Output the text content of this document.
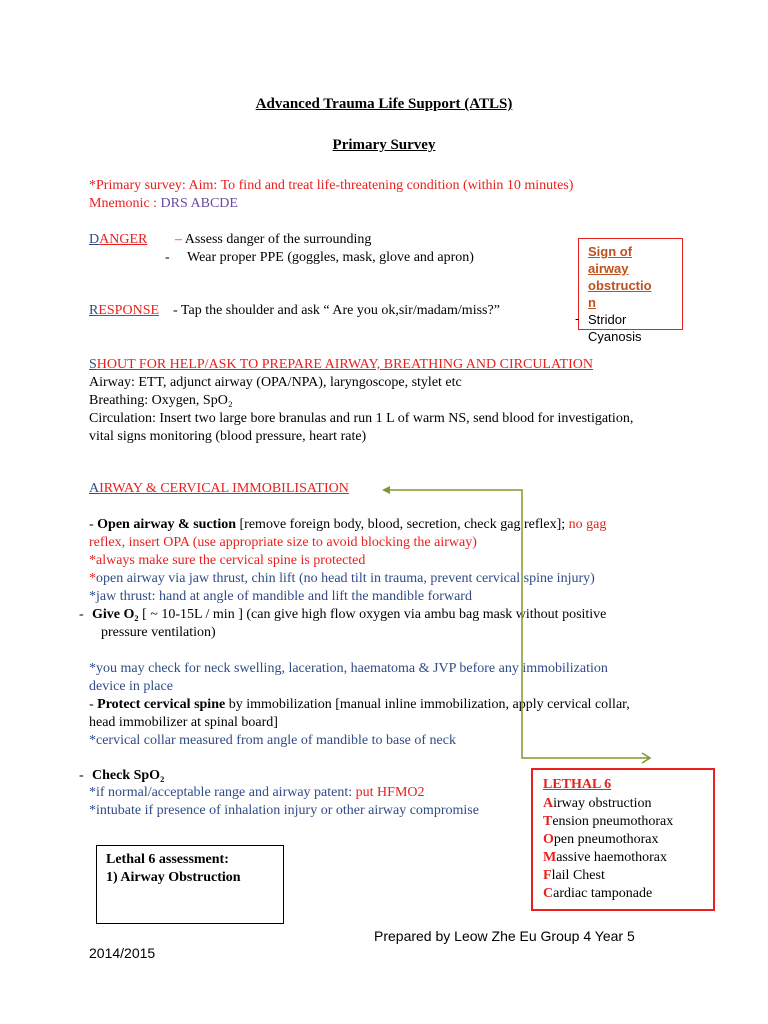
Advanced Trauma Life Support (ATLS)
Primary Survey
*Primary survey: Aim: To find and treat life-threatening condition (within 10 minutes)
Mnemonic : DRS ABCDE
DANGER – Assess danger of the surrounding
- Wear proper PPE (goggles, mask, glove and apron)
RESPONSE - Tap the shoulder and ask “ Are you ok,sir/madam/miss?”
Sign of
airway
obstructio
n
Stridor
Cyanosis
-
SHOUT FOR HELP/ASK TO PREPARE AIRWAY, BREATHING AND CIRCULATION
Airway: ETT, adjunct airway (OPA/NPA), laryngoscope, stylet etc
Breathing: Oxygen, SpO₂
Circulation: Insert two large bore branulas and run 1 L of warm NS, send blood for investigation,
vital signs monitoring (blood pressure, heart rate)
AIRWAY & CERVICAL IMMOBILISATION
- Open airway & suction [remove foreign body, blood, secretion, check gag reflex]; no gag
reflex, insert OPA (use appropriate size to avoid blocking the airway)
*always make sure the cervical spine is protected
*open airway via jaw thrust, chin lift (no head tilt in trauma, prevent cervical spine injury)
*jaw thrust: hand at angle of mandible and lift the mandible forward
- Give O₂ [ ~ 10-15L / min ] (can give high flow oxygen via ambu bag mask without positive
pressure ventilation)
*you may check for neck swelling, laceration, haematoma & JVP before any immobilization
device in place
- Protect cervical spine by immobilization [manual inline immobilization, apply cervical collar,
head immobilizer at spinal board]
*cervical collar measured from angle of mandible to base of neck
- Check SpO₂
*if normal/acceptable range and airway patent: put HFMO2
*intubate if presence of inhalation injury or other airway compromise
LETHAL 6
Airway obstruction
Tension pneumothorax
Open pneumothorax
Massive haemothorax
Flail Chest
Cardiac tamponade
Lethal 6 assessment:
1) Airway Obstruction
Prepared by Leow Zhe Eu Group 4 Year 5
2014/2015
